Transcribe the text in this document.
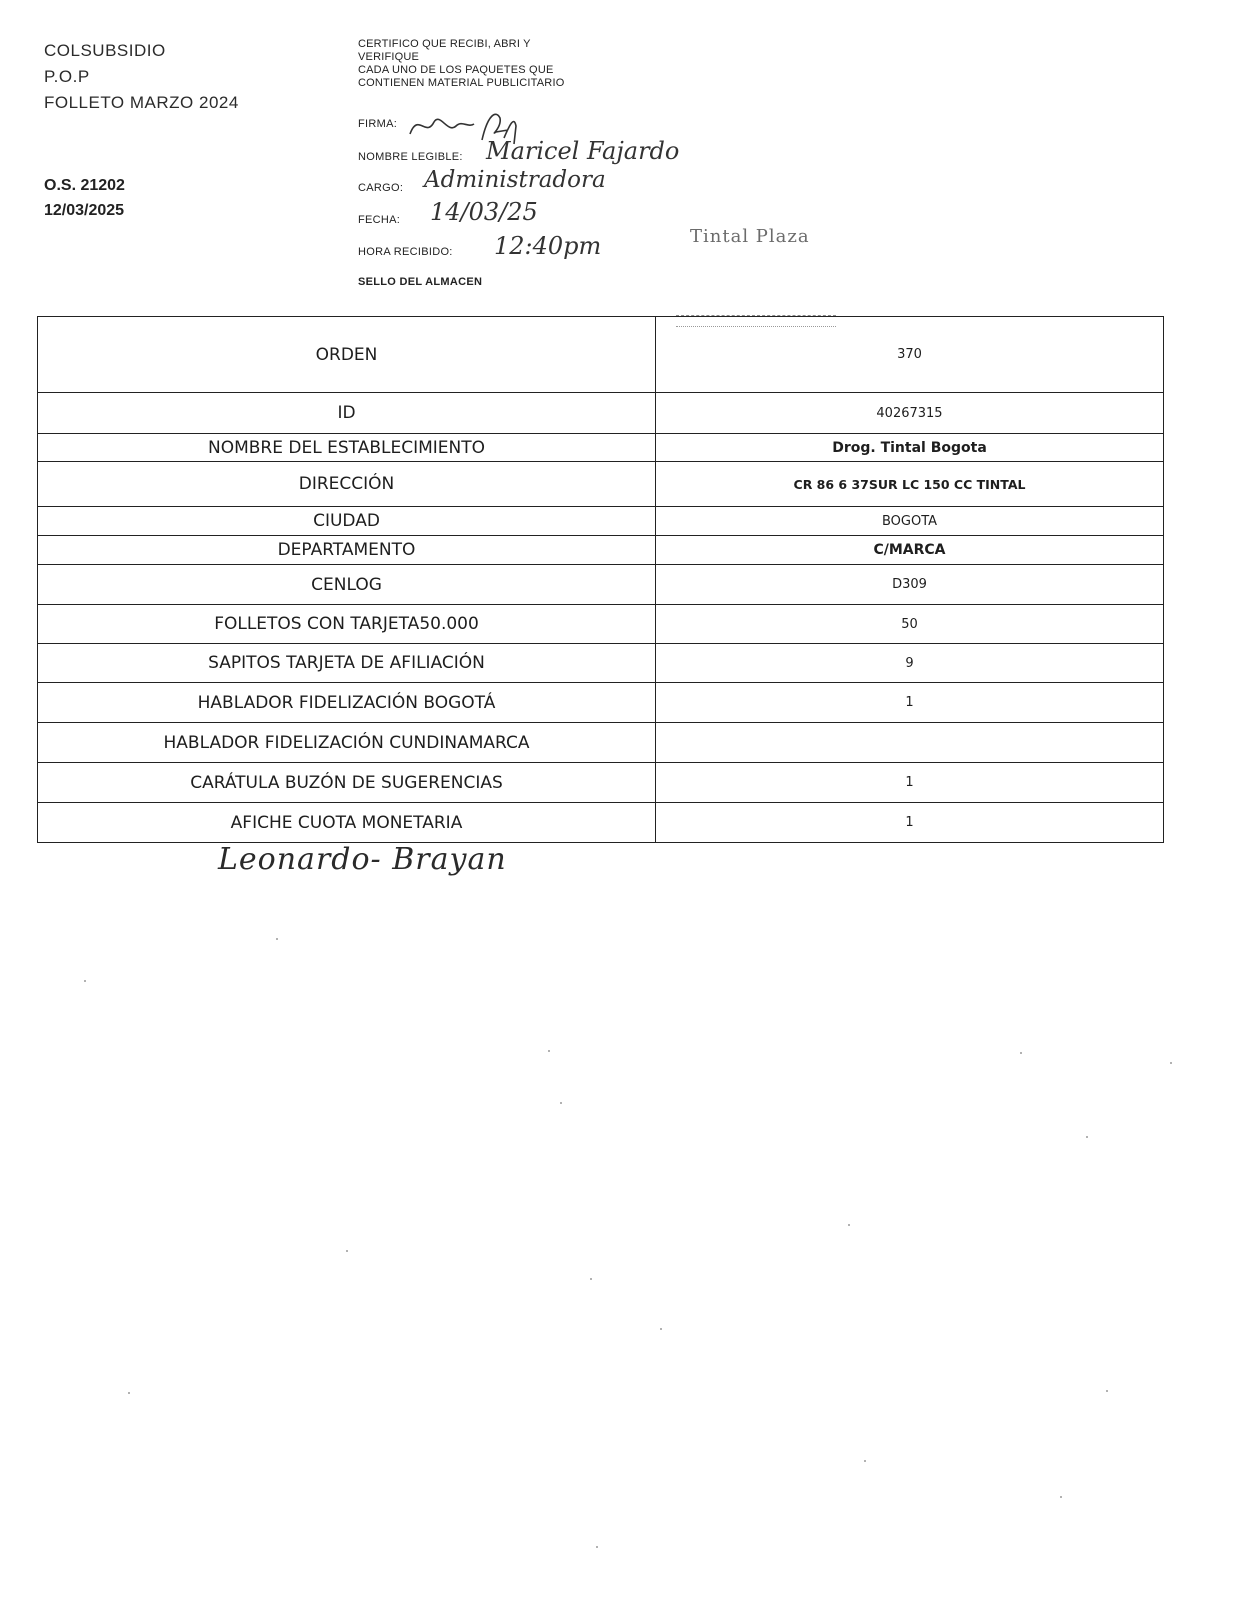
COLSUBSIDIO
P.O.P
FOLLETO MARZO 2024
O.S. 21202
12/03/2025
CERTIFICO QUE RECIBI, ABRI Y
VERIFIQUE
CADA UNO DE LOS PAQUETES QUE
CONTIENEN MATERIAL PUBLICITARIO
FIRMA:
NOMBRE LEGIBLE: Maricel Fajardo
CARGO: Administradora
FECHA: 14/03/25
HORA RECIBIDO: 12:40pm
SELLO DEL ALMACEN
Tintal Plaza
ORDEN	370
ID	40267315
NOMBRE DEL ESTABLECIMIENTO	Drog. Tintal Bogota
DIRECCIÓN	CR 86 6 37SUR LC 150 CC TINTAL
CIUDAD	BOGOTA
DEPARTAMENTO	C/MARCA
CENLOG	D309
FOLLETOS CON TARJETA50.000	50
SAPITOS TARJETA DE AFILIACIÓN	9
HABLADOR FIDELIZACIÓN BOGOTÁ	1
HABLADOR FIDELIZACIÓN CUNDINAMARCA	
CARÁTULA BUZÓN DE SUGERENCIAS	1
AFICHE CUOTA MONETARIA	1
Leonardo- Brayan
